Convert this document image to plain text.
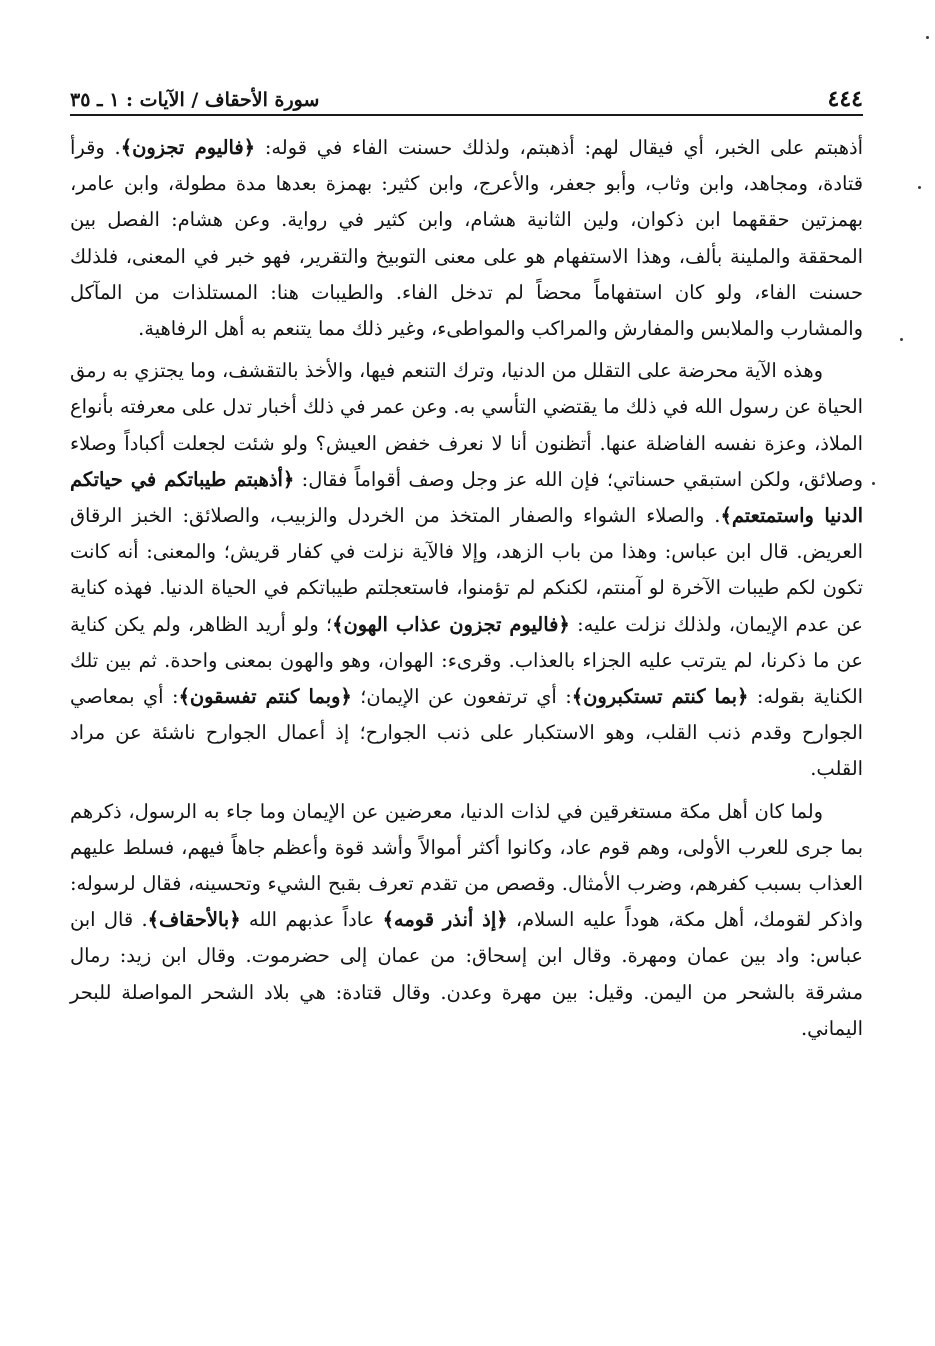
٤٤٤
سورة الأحقاف / الآيات : ١ ـ ٣٥

أذهبتم على الخبر، أي فيقال لهم: أذهبتم، ولذلك حسنت الفاء في قوله: ﴿فاليوم تجزون﴾. وقرأ قتادة، ومجاهد، وابن وثاب، وأبو جعفر، والأعرج، وابن كثير: بهمزة بعدها مدة مطولة، وابن عامر، بهمزتين حققهما ابن ذكوان، ولين الثانية هشام، وابن كثير في رواية. وعن هشام: الفصل بين المحققة والملينة بألف، وهذا الاستفهام هو على معنى التوبيخ والتقرير، فهو خبر في المعنى، فلذلك حسنت الفاء، ولو كان استفهاماً محضاً لم تدخل الفاء. والطيبات هنا: المستلذات من المآكل والمشارب والملابس والمفارش والمراكب والمواطىء، وغير ذلك مما يتنعم به أهل الرفاهية.

وهذه الآية محرضة على التقلل من الدنيا، وترك التنعم فيها، والأخذ بالتقشف، وما يجتزي به رمق الحياة عن رسول الله في ذلك ما يقتضي التأسي به. وعن عمر في ذلك أخبار تدل على معرفته بأنواع الملاذ، وعزة نفسه الفاضلة عنها. أتظنون أنا لا نعرف خفض العيش؟ ولو شئت لجعلت أكباداً وصلاء وصلائق، ولكن استبقي حسناتي؛ فإن الله عز وجل وصف أقواماً فقال: ﴿أذهبتم طيباتكم في حياتكم الدنيا واستمتعتم﴾. والصلاء الشواء والصفار المتخذ من الخردل والزبيب، والصلائق: الخبز الرقاق العريض. قال ابن عباس: وهذا من باب الزهد، وإلا فالآية نزلت في كفار قريش؛ والمعنى: أنه كانت تكون لكم طيبات الآخرة لو آمنتم، لكنكم لم تؤمنوا، فاستعجلتم طيباتكم في الحياة الدنيا. فهذه كناية عن عدم الإيمان، ولذلك نزلت عليه: ﴿فاليوم تجزون عذاب الهون﴾؛ ولو أريد الظاهر، ولم يكن كناية عن ما ذكرنا، لم يترتب عليه الجزاء بالعذاب. وقرىء: الهوان، وهو والهون بمعنى واحدة. ثم بين تلك الكناية بقوله: ﴿بما كنتم تستكبرون﴾: أي ترتفعون عن الإيمان؛ ﴿وبما كنتم تفسقون﴾: أي بمعاصي الجوارح وقدم ذنب القلب، وهو الاستكبار على ذنب الجوارح؛ إذ أعمال الجوارح ناشئة عن مراد القلب.

ولما كان أهل مكة مستغرقين في لذات الدنيا، معرضين عن الإيمان وما جاء به الرسول، ذكرهم بما جرى للعرب الأولى، وهم قوم عاد، وكانوا أكثر أموالاً وأشد قوة وأعظم جاهاً فيهم، فسلط عليهم العذاب بسبب كفرهم، وضرب الأمثال. وقصص من تقدم تعرف بقبح الشيء وتحسينه، فقال لرسوله: واذكر لقومك، أهل مكة، هوداً عليه السلام، ﴿إذ أنذر قومه﴾ عاداً عذبهم الله ﴿بالأحقاف﴾. قال ابن عباس: واد بين عمان ومهرة. وقال ابن إسحاق: من عمان إلى حضرموت. وقال ابن زيد: رمال مشرقة بالشحر من اليمن. وقيل: بين مهرة وعدن. وقال قتادة: هي بلاد الشحر المواصلة للبحر اليماني.
